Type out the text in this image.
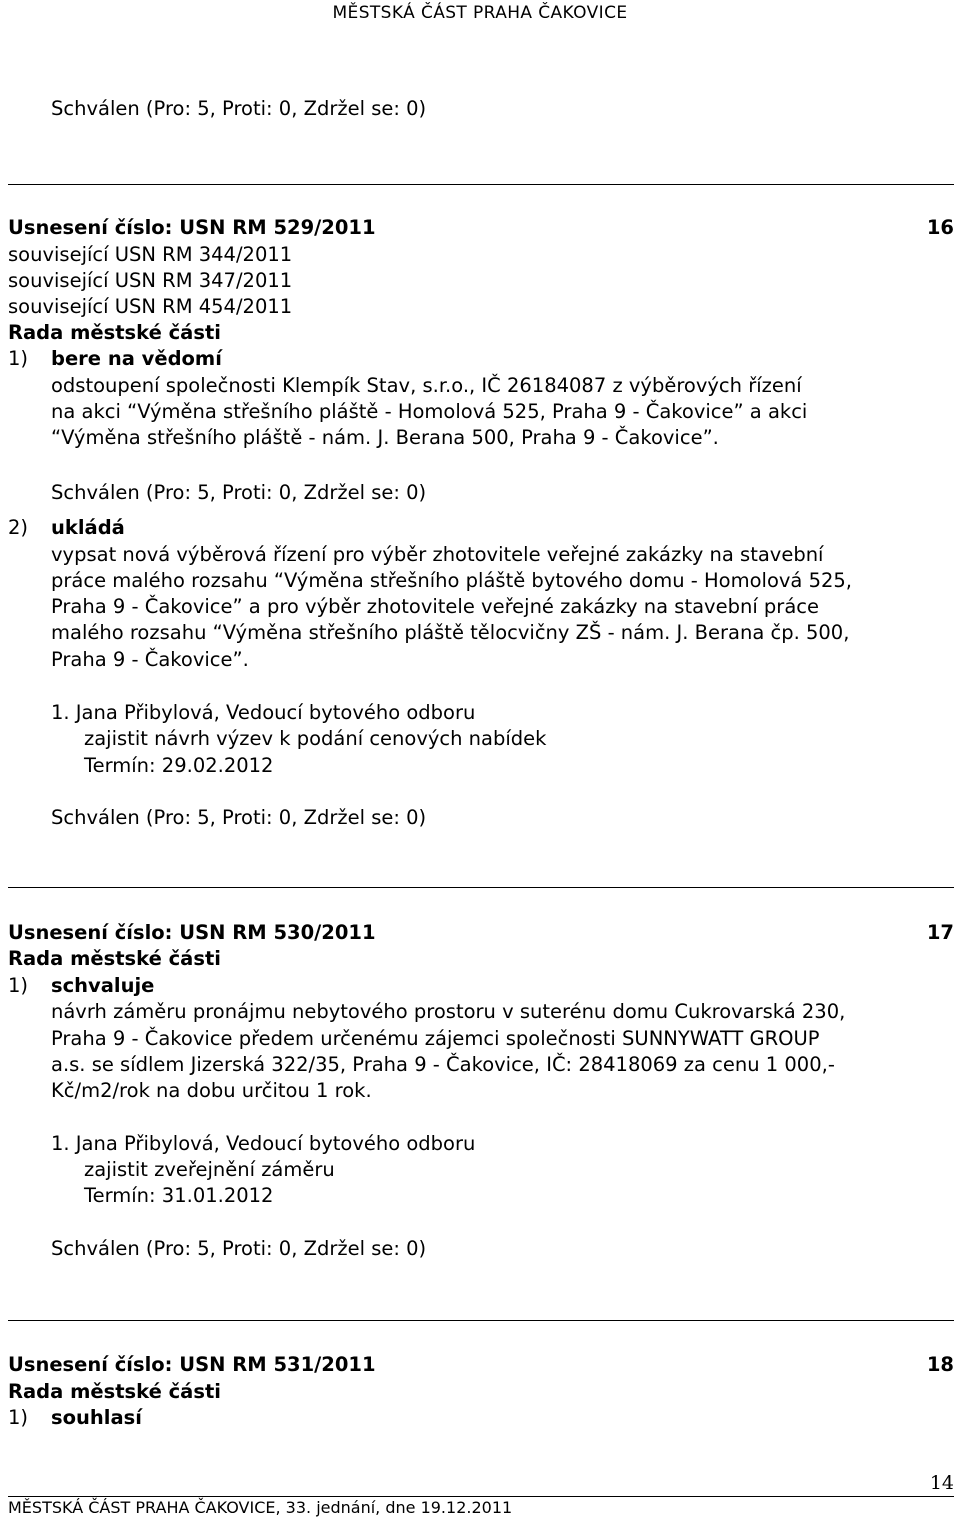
MĚSTSKÁ ČÁST PRAHA ČAKOVICE
Schválen (Pro: 5, Proti: 0, Zdržel se: 0)
Usnesení číslo: USN RM 529/2011	16
související USN RM 344/2011
související USN RM 347/2011
související USN RM 454/2011
Rada městské části
1) bere na vědomí
odstoupení společnosti Klempík Stav, s.r.o., IČ 26184087 z výběrových řízení
na akci “Výměna střešního pláště - Homolová 525, Praha 9 - Čakovice” a akci
“Výměna střešního pláště - nám. J. Berana 500, Praha 9 - Čakovice”.
Schválen (Pro: 5, Proti: 0, Zdržel se: 0)
2) ukládá
vypsat nová výběrová řízení pro výběr zhotovitele veřejné zakázky na stavební
práce malého rozsahu “Výměna střešního pláště bytového domu - Homolová 525,
Praha 9 - Čakovice” a pro výběr zhotovitele veřejné zakázky na stavební práce
malého rozsahu “Výměna střešního pláště tělocvičny ZŠ - nám. J. Berana čp. 500,
Praha 9 - Čakovice”.
1. Jana Přibylová, Vedoucí bytového odboru
zajistit návrh výzev k podání cenových nabídek
Termín: 29.02.2012
Schválen (Pro: 5, Proti: 0, Zdržel se: 0)
Usnesení číslo: USN RM 530/2011	17
Rada městské části
1) schvaluje
návrh záměru pronájmu nebytového prostoru v suterénu domu Cukrovarská 230,
Praha 9 - Čakovice předem určenému zájemci společnosti SUNNYWATT GROUP
a.s. se sídlem Jizerská 322/35, Praha 9 - Čakovice, IČ: 28418069 za cenu 1 000,-
Kč/m2/rok na dobu určitou 1 rok.
1. Jana Přibylová, Vedoucí bytového odboru
zajistit zveřejnění záměru
Termín: 31.01.2012
Schválen (Pro: 5, Proti: 0, Zdržel se: 0)
Usnesení číslo: USN RM 531/2011	18
Rada městské části
1) souhlasí
14
MĚSTSKÁ ČÁST PRAHA ČAKOVICE, 33. jednání, dne 19.12.2011
